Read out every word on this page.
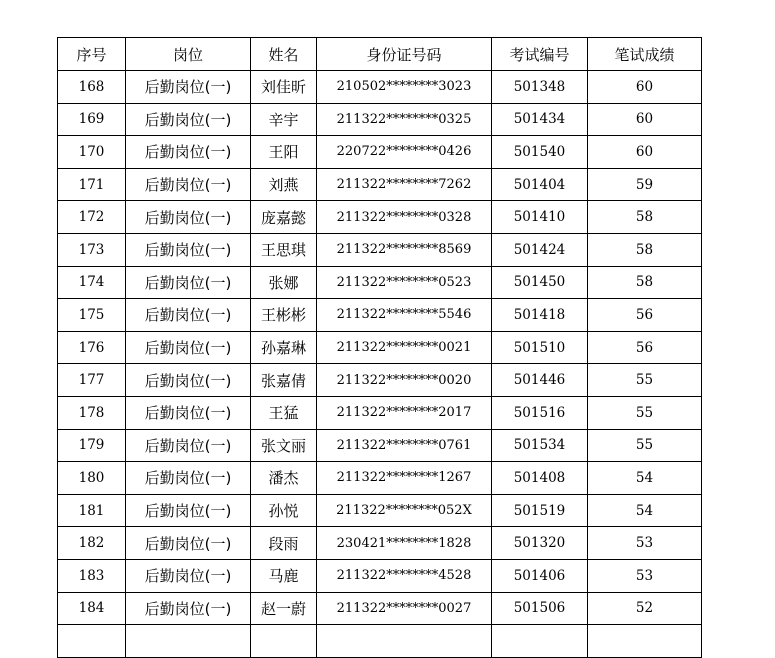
序号	岗位	姓名	身份证号码	考试编号	笔试成绩
168	后勤岗位(一)	刘佳昕	210502********3023	501348	60
169	后勤岗位(一)	辛宇	211322********0325	501434	60
170	后勤岗位(一)	王阳	220722********0426	501540	60
171	后勤岗位(一)	刘燕	211322********7262	501404	59
172	后勤岗位(一)	庞嘉懿	211322********0328	501410	58
173	后勤岗位(一)	王思琪	211322********8569	501424	58
174	后勤岗位(一)	张娜	211322********0523	501450	58
175	后勤岗位(一)	王彬彬	211322********5546	501418	56
176	后勤岗位(一)	孙嘉琳	211322********0021	501510	56
177	后勤岗位(一)	张嘉倩	211322********0020	501446	55
178	后勤岗位(一)	王猛	211322********2017	501516	55
179	后勤岗位(一)	张文丽	211322********0761	501534	55
180	后勤岗位(一)	潘杰	211322********1267	501408	54
181	后勤岗位(一)	孙悦	211322********052X	501519	54
182	后勤岗位(一)	段雨	230421********1828	501320	53
183	后勤岗位(一)	马鹿	211322********4528	501406	53
184	后勤岗位(一)	赵一蔚	211322********0027	501506	52
